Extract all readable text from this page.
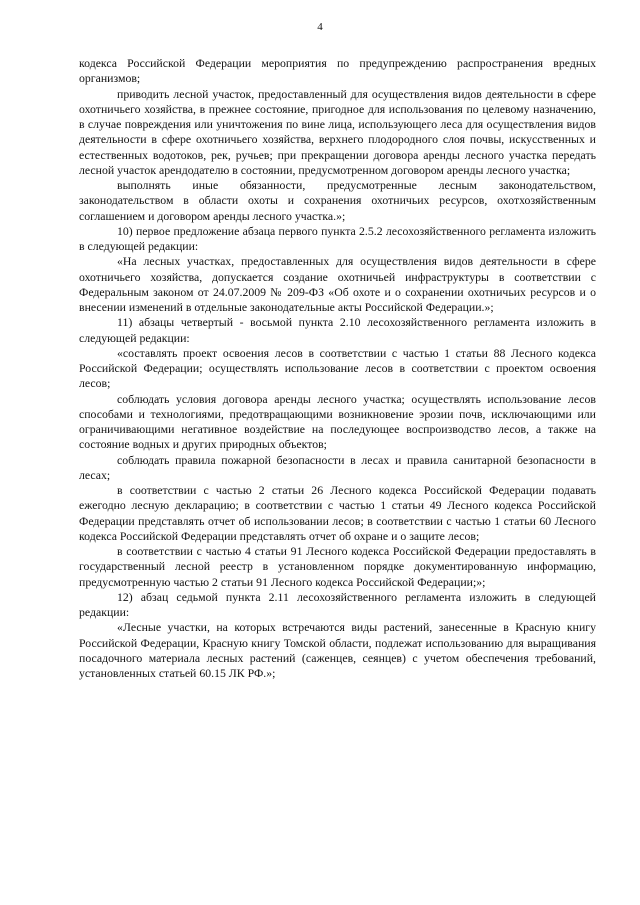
4

кодекса Российской Федерации мероприятия по предупреждению распространения вредных организмов;

приводить лесной участок, предоставленный для осуществления видов деятельности в сфере охотничьего хозяйства, в прежнее состояние, пригодное для использования по целевому назначению, в случае повреждения или уничтожения по вине лица, использующего леса для осуществления видов деятельности в сфере охотничьего хозяйства, верхнего плодородного слоя почвы, искусственных и естественных водотоков, рек, ручьев; при прекращении договора аренды лесного участка передать лесной участок арендодателю в состоянии, предусмотренном договором аренды лесного участка;

выполнять иные обязанности, предусмотренные лесным законодательством, законодательством в области охоты и сохранения охотничьих ресурсов, охотхозяйственным соглашением и договором аренды лесного участка.»;

10) первое предложение абзаца первого пункта 2.5.2 лесохозяйственного регламента изложить в следующей редакции:

«На лесных участках, предоставленных для осуществления видов деятельности в сфере охотничьего хозяйства, допускается создание охотничьей инфраструктуры в соответствии с Федеральным законом от 24.07.2009 № 209-ФЗ «Об охоте и о сохранении охотничьих ресурсов и о внесении изменений в отдельные законодательные акты Российской Федерации.»;

11) абзацы четвертый - восьмой пункта 2.10 лесохозяйственного регламента изложить в следующей редакции:

«составлять проект освоения лесов в соответствии с частью 1 статьи 88 Лесного кодекса Российской Федерации; осуществлять использование лесов в соответствии с проектом освоения лесов;

соблюдать условия договора аренды лесного участка; осуществлять использование лесов способами и технологиями, предотвращающими возникновение эрозии почв, исключающими или ограничивающими негативное воздействие на последующее воспроизводство лесов, а также на состояние водных и других природных объектов;

соблюдать правила пожарной безопасности в лесах и правила санитарной безопасности в лесах;

в соответствии с частью 2 статьи 26 Лесного кодекса Российской Федерации подавать ежегодно лесную декларацию; в соответствии с частью 1 статьи 49 Лесного кодекса Российской Федерации представлять отчет об использовании лесов; в соответствии с частью 1 статьи 60 Лесного кодекса Российской Федерации представлять отчет об охране и о защите лесов;

в соответствии с частью 4 статьи 91 Лесного кодекса Российской Федерации предоставлять в государственный лесной реестр в установленном порядке документированную информацию, предусмотренную частью 2 статьи 91 Лесного кодекса Российской Федерации;»;

12) абзац седьмой пункта 2.11 лесохозяйственного регламента изложить в следующей редакции:

«Лесные участки, на которых встречаются виды растений, занесенные в Красную книгу Российской Федерации, Красную книгу Томской области, подлежат использованию для выращивания посадочного материала лесных растений (саженцев, сеянцев) с учетом обеспечения требований, установленных статьей 60.15 ЛК РФ.»;
